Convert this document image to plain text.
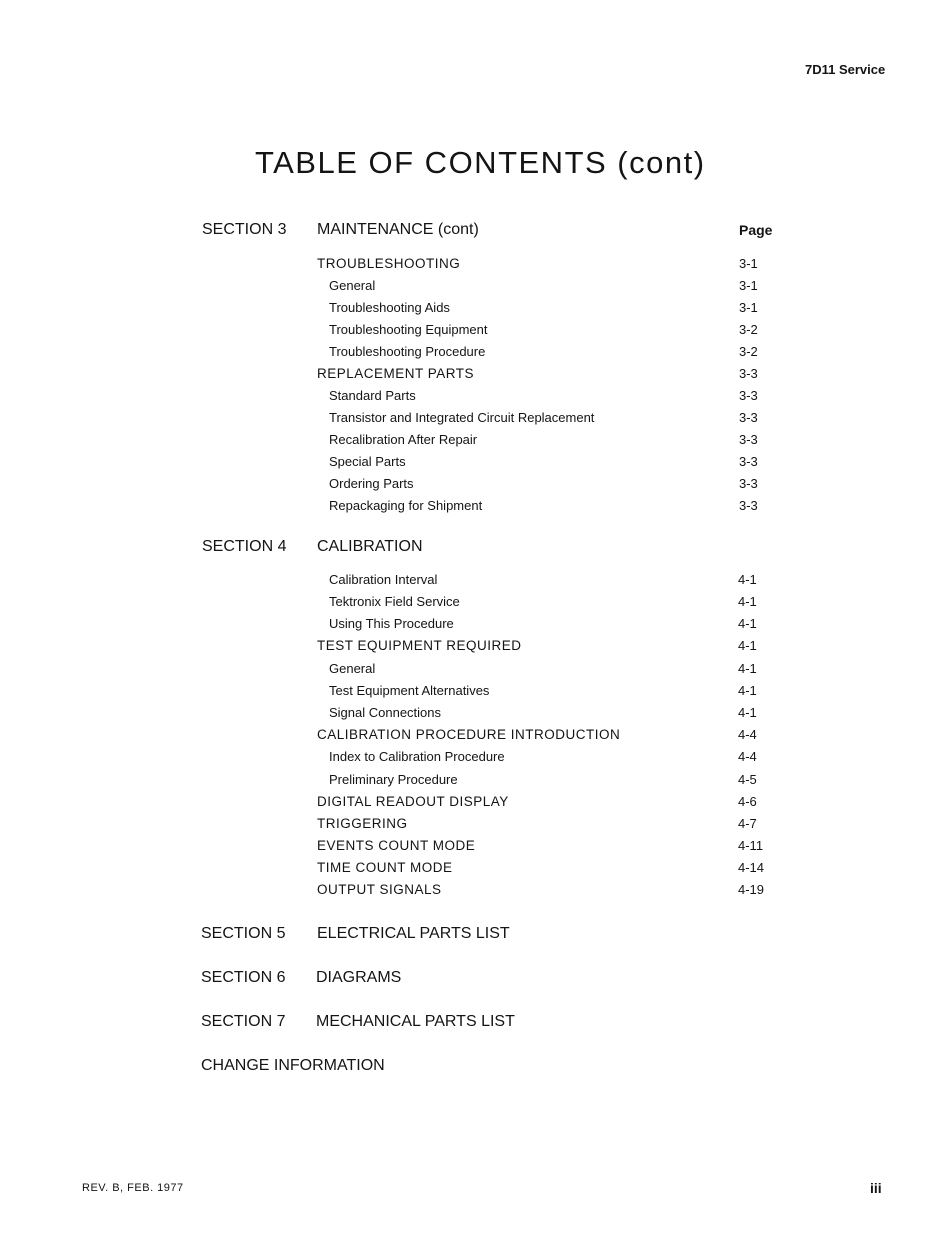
7D11 Service
TABLE OF CONTENTS (cont)
SECTION 3 MAINTENANCE (cont)	Page
TROUBLESHOOTING	3-1
General	3-1
Troubleshooting Aids	3-1
Troubleshooting Equipment	3-2
Troubleshooting Procedure	3-2
REPLACEMENT PARTS	3-3
Standard Parts	3-3
Transistor and Integrated Circuit Replacement	3-3
Recalibration After Repair	3-3
Special Parts	3-3
Ordering Parts	3-3
Repackaging for Shipment	3-3
SECTION 4 CALIBRATION
Calibration Interval	4-1
Tektronix Field Service	4-1
Using This Procedure	4-1
TEST EQUIPMENT REQUIRED	4-1
General	4-1
Test Equipment Alternatives	4-1
Signal Connections	4-1
CALIBRATION PROCEDURE INTRODUCTION	4-4
Index to Calibration Procedure	4-4
Preliminary Procedure	4-5
DIGITAL READOUT DISPLAY	4-6
TRIGGERING	4-7
EVENTS COUNT MODE	4-11
TIME COUNT MODE	4-14
OUTPUT SIGNALS	4-19
SECTION 5 ELECTRICAL PARTS LIST
SECTION 6 DIAGRAMS
SECTION 7 MECHANICAL PARTS LIST
CHANGE INFORMATION
REV. B, FEB. 1977	iii
